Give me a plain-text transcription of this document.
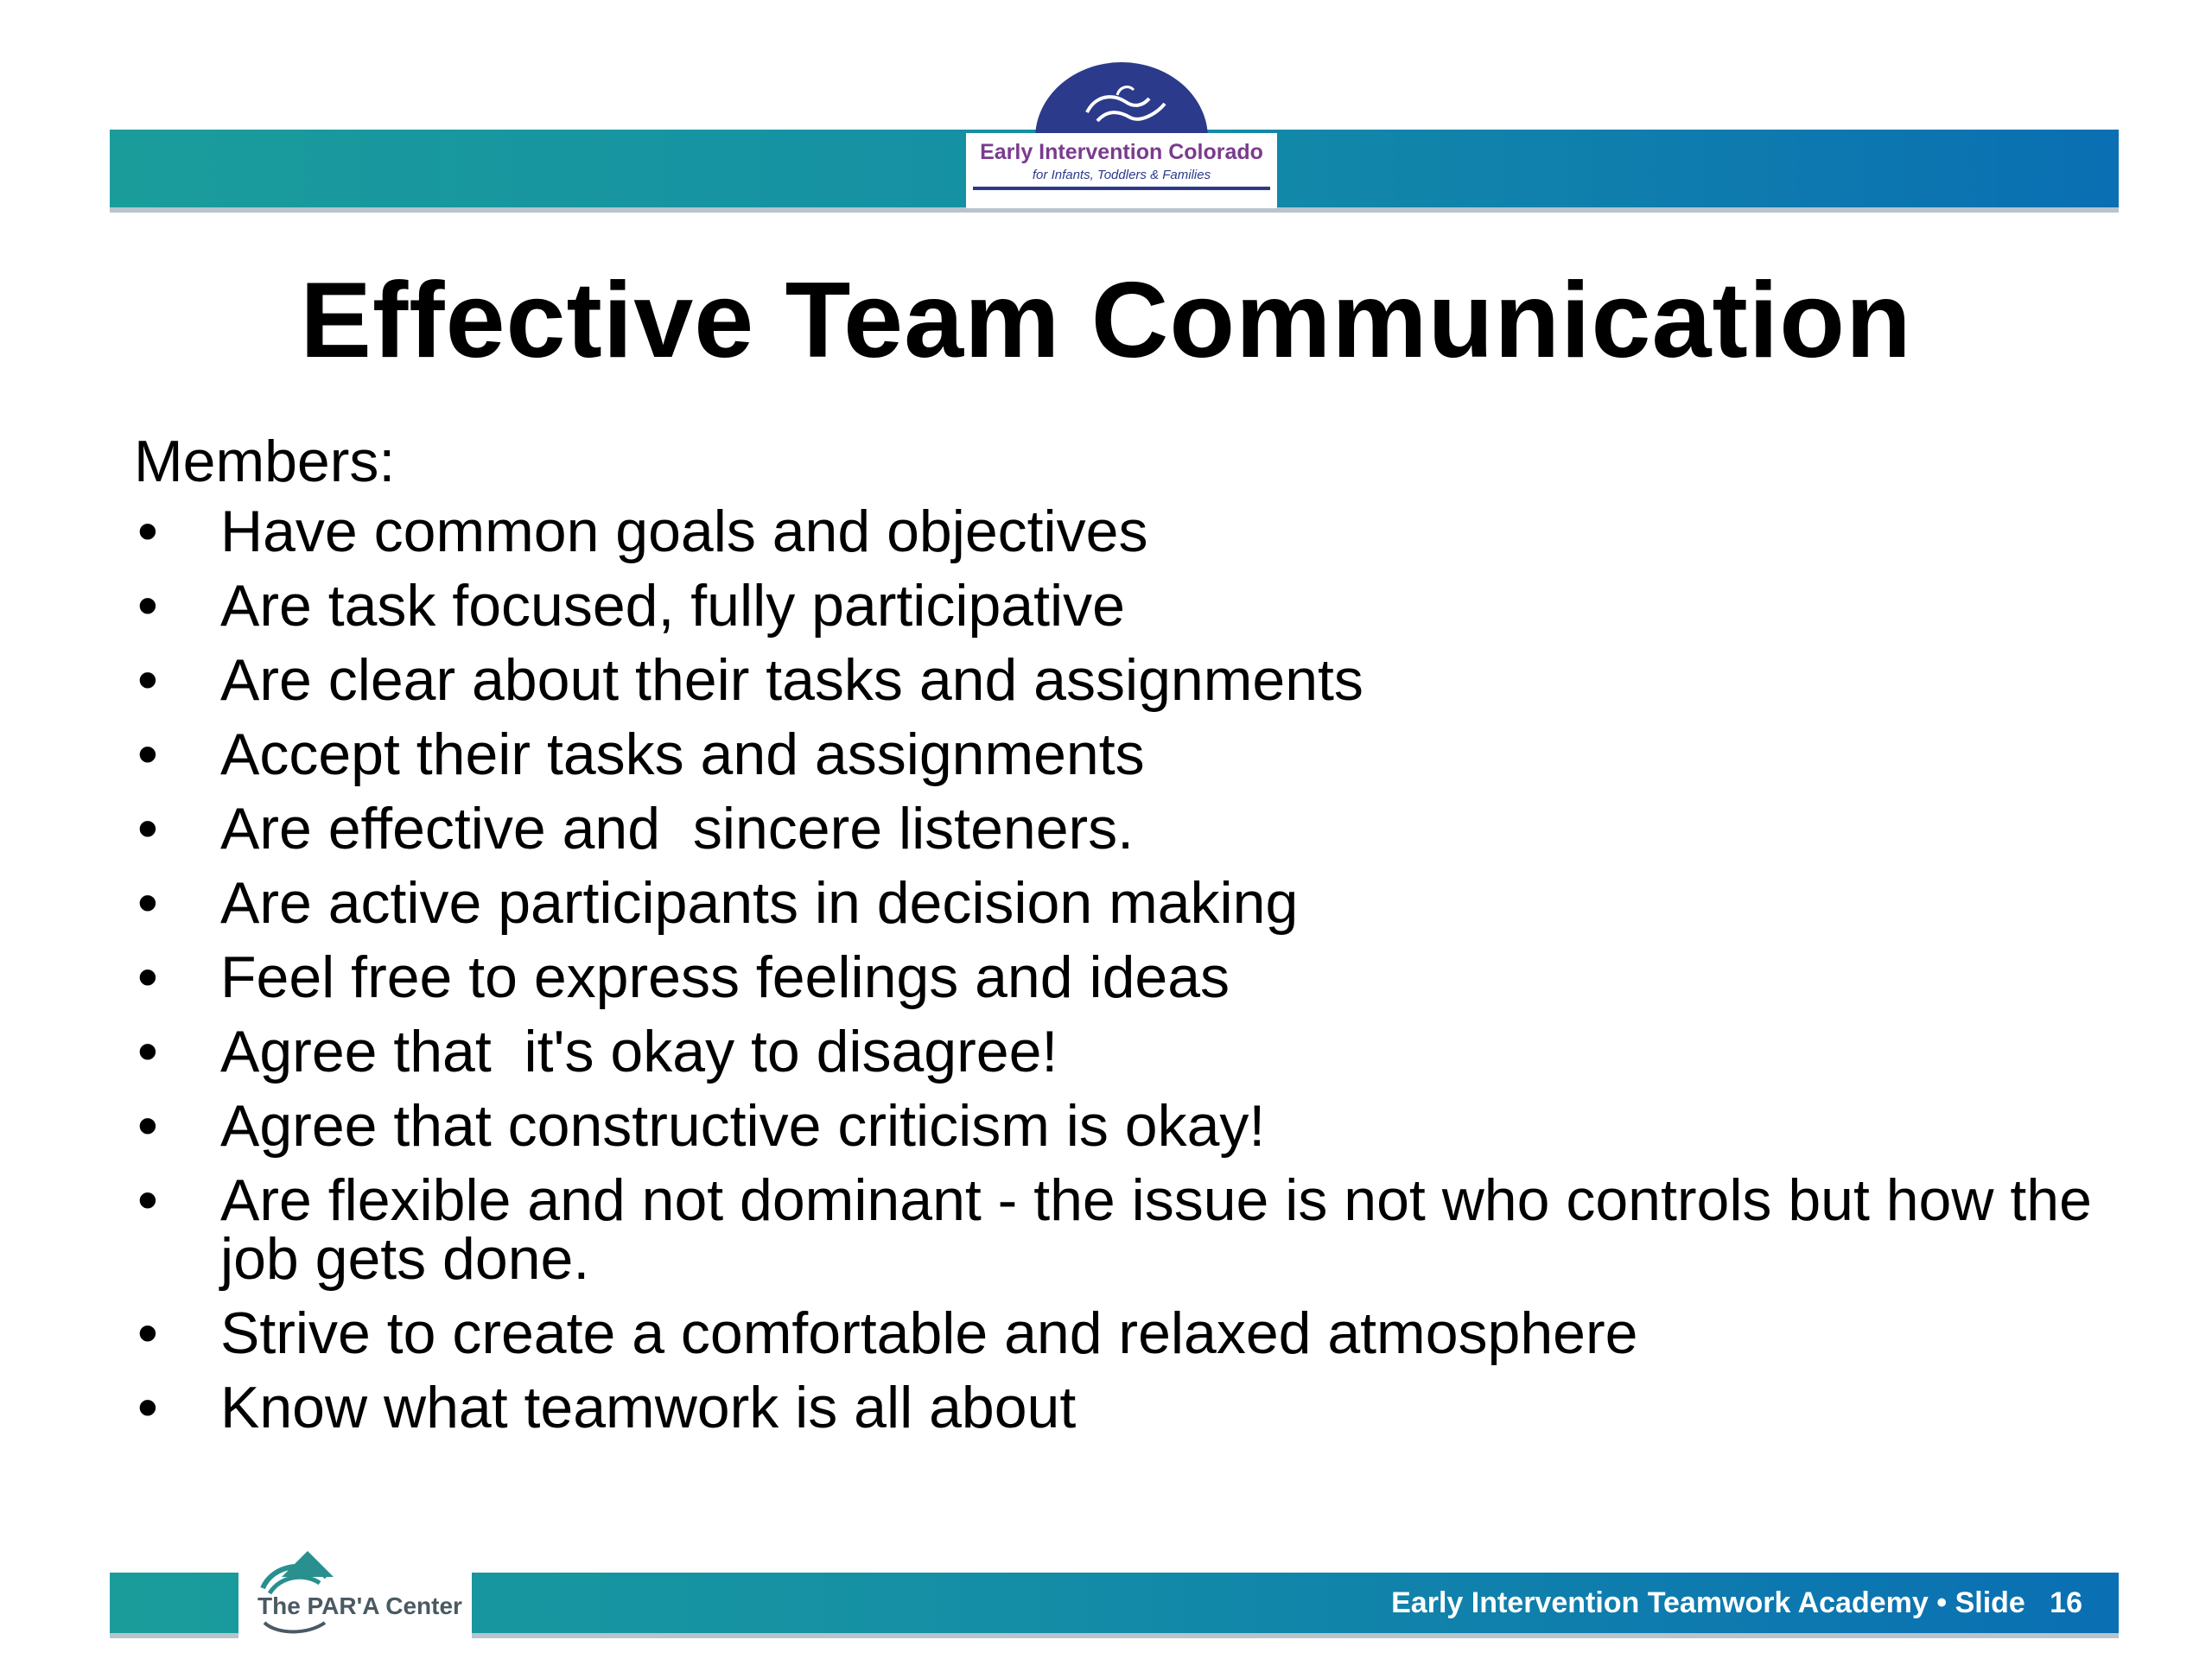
Early Intervention Colorado
for Infants, Toddlers & Families
Effective Team Communication
Members:
•	Have common goals and objectives
•	Are task focused, fully participative
•	Are clear about their tasks and assignments
•	Accept their tasks and assignments
•	Are effective and  sincere listeners.
•	Are active participants in decision making
•	Feel free to express feelings and ideas
•	Agree that  it's okay to disagree!
•	Agree that constructive criticism is okay!
•	Are flexible and not dominant - the issue is not who controls but how the job gets done.
•	Strive to create a comfortable and relaxed atmosphere
•	Know what teamwork is all about
The PAR'A Center	Early Intervention Teamwork Academy • Slide   16
